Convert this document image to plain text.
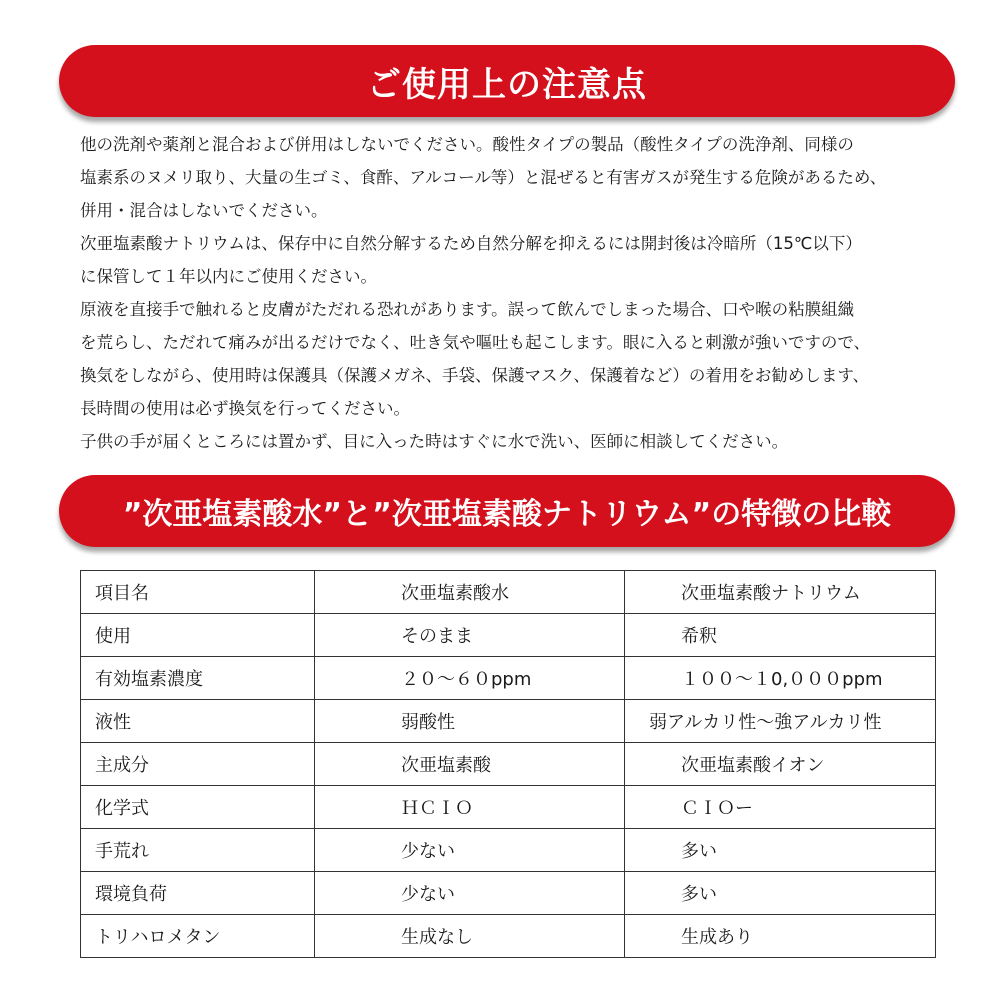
ご使用上の注意点
他の洗剤や薬剤と混合および併用はしないでください。酸性タイプの製品（酸性タイプの洗浄剤、同様の
塩素系のヌメリ取り、大量の生ゴミ、食酢、アルコール等）と混ぜると有害ガスが発生する危険があるため、
併用・混合はしないでください。
次亜塩素酸ナトリウムは、保存中に自然分解するため自然分解を抑えるには開封後は冷暗所（15℃以下）
に保管して１年以内にご使用ください。
原液を直接手で触れると皮膚がただれる恐れがあります。誤って飲んでしまった場合、口や喉の粘膜組織
を荒らし、ただれて痛みが出るだけでなく、吐き気や嘔吐も起こします。眼に入ると刺激が強いですので、
換気をしながら、使用時は保護具（保護メガネ、手袋、保護マスク、保護着など）の着用をお勧めします、
長時間の使用は必ず換気を行ってください。
子供の手が届くところには置かず、目に入った時はすぐに水で洗い、医師に相談してください。
”次亜塩素酸水”と”次亜塩素酸ナトリウム”の特徴の比較
項目名	次亜塩素酸水	次亜塩素酸ナトリウム
使用	そのまま	希釈
有効塩素濃度	２０～６０ppm	１００～１0,０００ppm
液性	弱酸性	弱アルカリ性～強アルカリ性
主成分	次亜塩素酸	次亜塩素酸イオン
化学式	ＨＣＩＯ	ＣＩＯー
手荒れ	少ない	多い
環境負荷	少ない	多い
トリハロメタン	生成なし	生成あり
